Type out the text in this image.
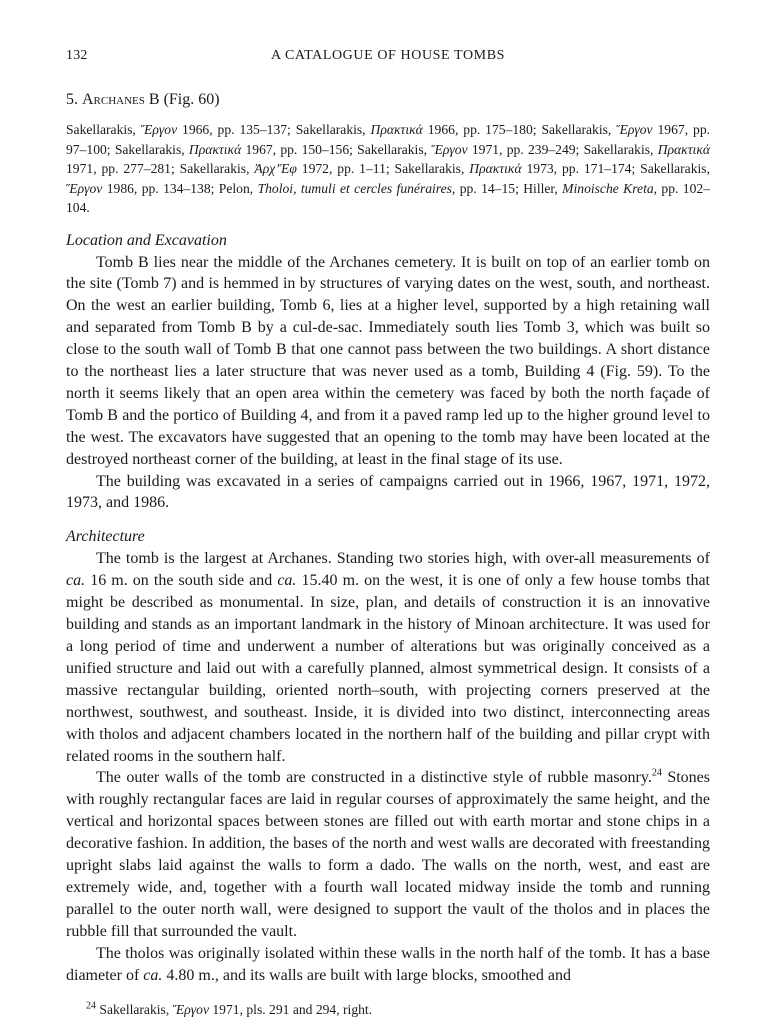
132	A CATALOGUE OF HOUSE TOMBS
5. Archanes B (Fig. 60)
Sakellarakis, Ἕργον 1966, pp. 135–137; Sakellarakis, Πρακτικά 1966, pp. 175–180; Sakellarakis, Ἕργον 1967, pp. 97–100; Sakellarakis, Πρακτικά 1967, pp. 150–156; Sakellarakis, Ἕργον 1971, pp. 239–249; Sakellarakis, Πρακτικά 1971, pp. 277–281; Sakellarakis, Ἀρχ’Ἐφ 1972, pp. 1–11; Sakellarakis, Πρακτικά 1973, pp. 171–174; Sakellarakis, Ἕργον 1986, pp. 134–138; Pelon, Tholoi, tumuli et cercles funéraires, pp. 14–15; Hiller, Minoische Kreta, pp. 102–104.
Location and Excavation

Tomb B lies near the middle of the Archanes cemetery. It is built on top of an earlier tomb on the site (Tomb 7) and is hemmed in by structures of varying dates on the west, south, and northeast. On the west an earlier building, Tomb 6, lies at a higher level, supported by a high retaining wall and separated from Tomb B by a cul-de-sac. Immediately south lies Tomb 3, which was built so close to the south wall of Tomb B that one cannot pass between the two buildings. A short distance to the northeast lies a later structure that was never used as a tomb, Building 4 (Fig. 59). To the north it seems likely that an open area within the cemetery was faced by both the north façade of Tomb B and the portico of Building 4, and from it a paved ramp led up to the higher ground level to the west. The excavators have suggested that an opening to the tomb may have been located at the destroyed northeast corner of the building, at least in the final stage of its use.

The building was excavated in a series of campaigns carried out in 1966, 1967, 1971, 1972, 1973, and 1986.

Architecture

The tomb is the largest at Archanes. Standing two stories high, with over-all measurements of ca. 16 m. on the south side and ca. 15.40 m. on the west, it is one of only a few house tombs that might be described as monumental. In size, plan, and details of construction it is an innovative building and stands as an important landmark in the history of Minoan architecture. It was used for a long period of time and underwent a number of alterations but was originally conceived as a unified structure and laid out with a carefully planned, almost symmetrical design. It consists of a massive rectangular building, oriented north–south, with projecting corners preserved at the northwest, southwest, and southeast. Inside, it is divided into two distinct, interconnecting areas with tholos and adjacent chambers located in the northern half of the building and pillar crypt with related rooms in the southern half.

The outer walls of the tomb are constructed in a distinctive style of rubble masonry.$^{24}$ Stones with roughly rectangular faces are laid in regular courses of approximately the same height, and the vertical and horizontal spaces between stones are filled out with earth mortar and stone chips in a decorative fashion. In addition, the bases of the north and west walls are decorated with freestanding upright slabs laid against the walls to form a dado. The walls on the north, west, and east are extremely wide, and, together with a fourth wall located midway inside the tomb and running parallel to the outer north wall, were designed to support the vault of the tholos and in places the rubble fill that surrounded the vault.

The tholos was originally isolated within these walls in the north half of the tomb. It has a base diameter of ca. 4.80 m., and its walls are built with large blocks, smoothed and

$^{24}$ Sakellarakis, Ἕργον 1971, pls. 291 and 294, right.
